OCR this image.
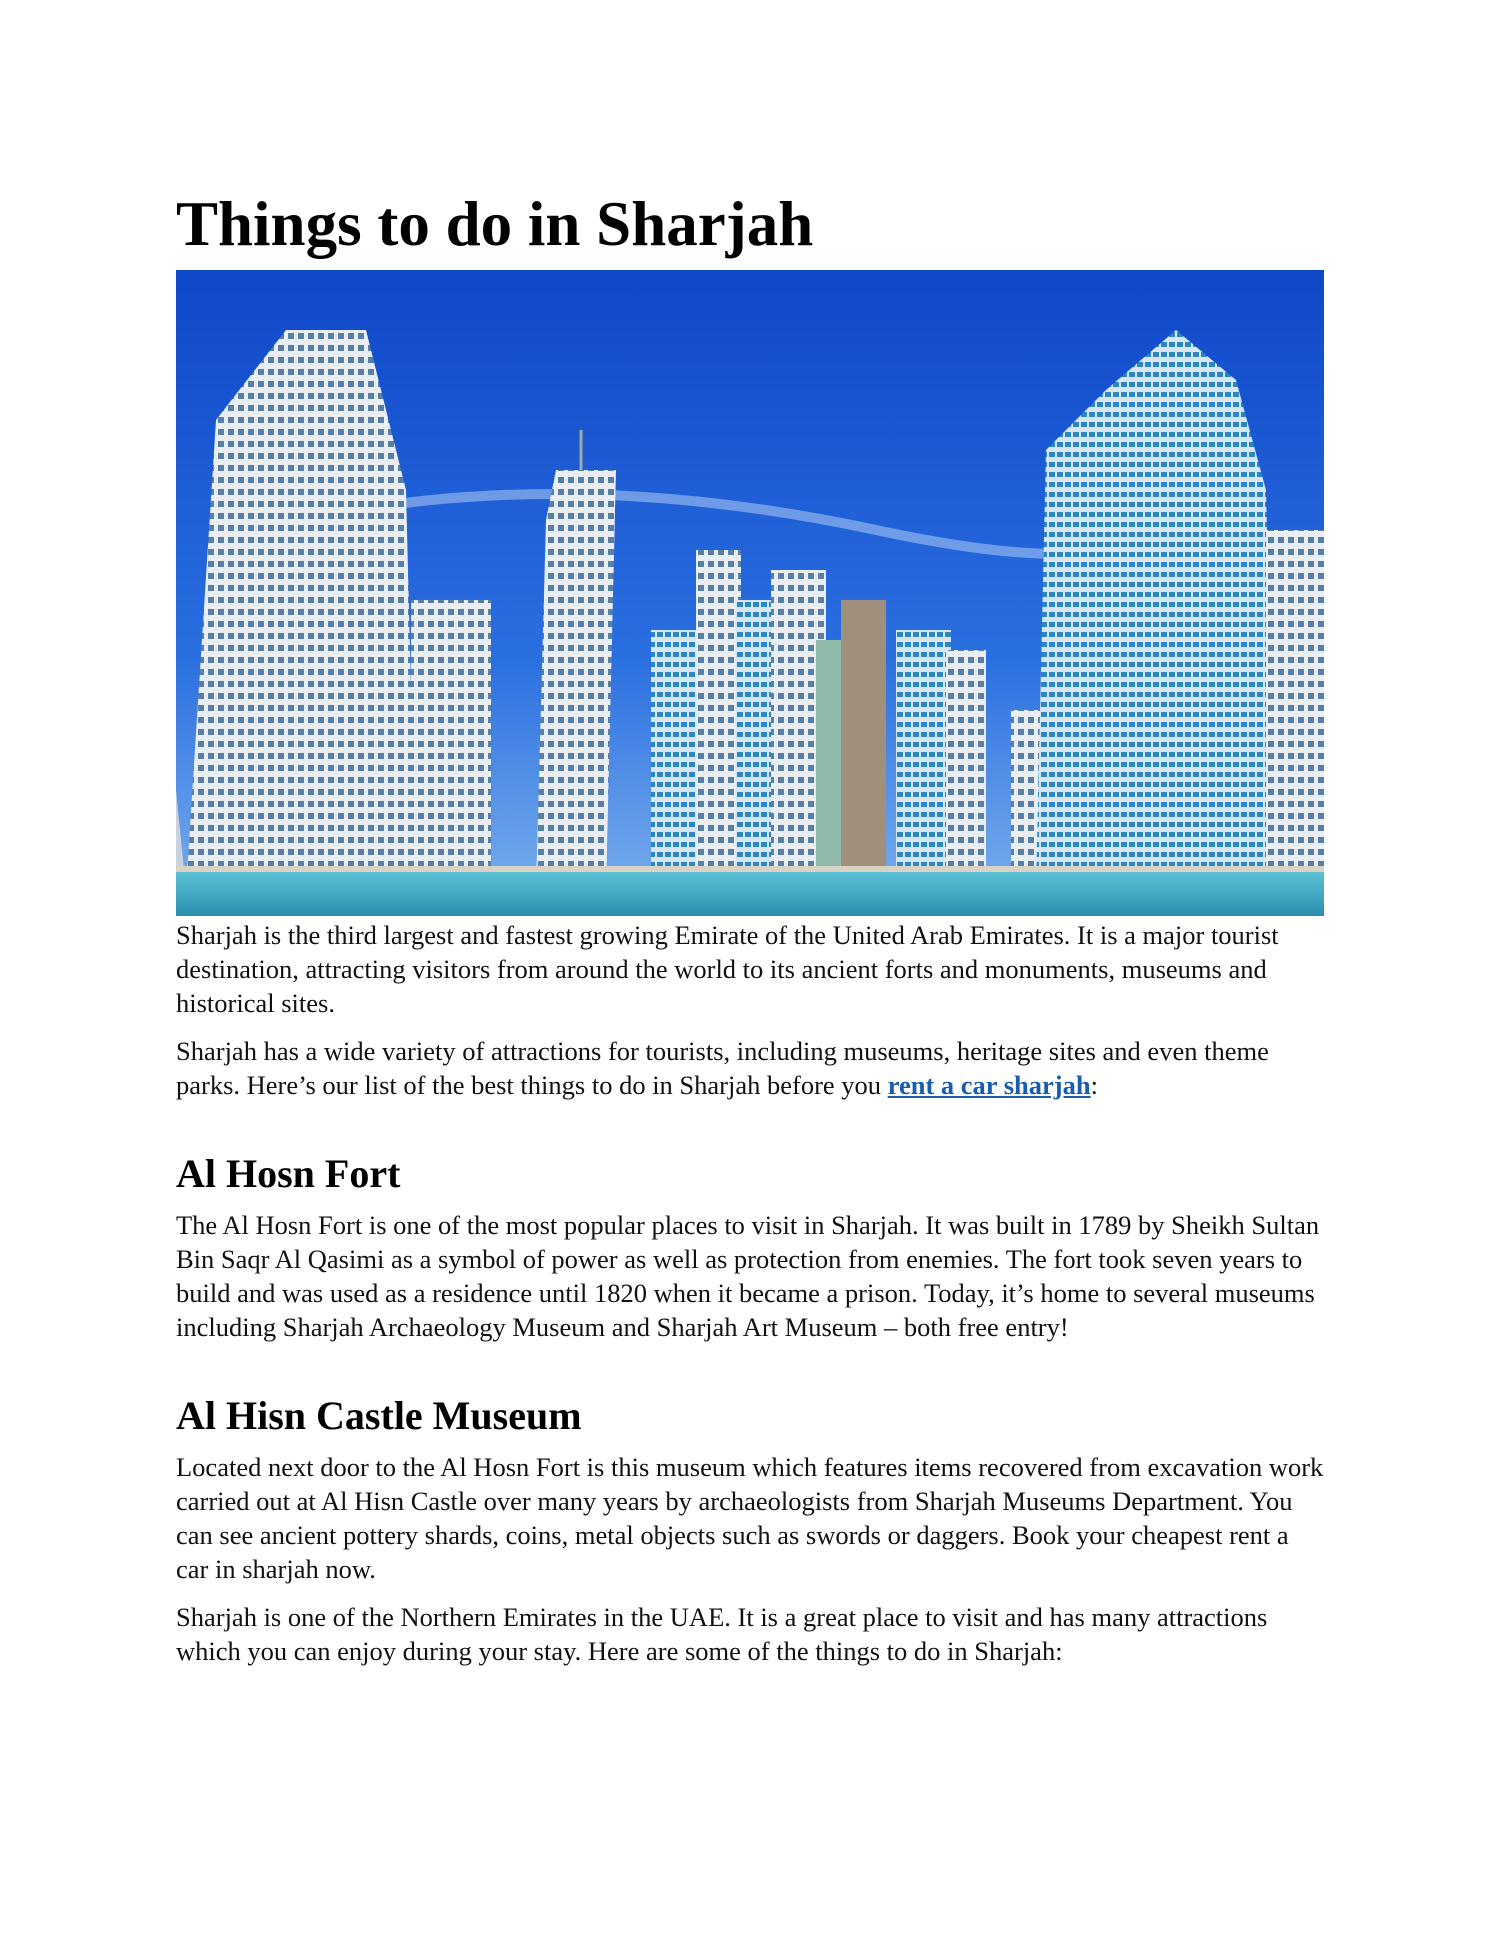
Things to do in Sharjah

Sharjah is the third largest and fastest growing Emirate of the United Arab Emirates. It is a major tourist destination, attracting visitors from around the world to its ancient forts and monuments, museums and historical sites.

Sharjah has a wide variety of attractions for tourists, including museums, heritage sites and even theme parks. Here’s our list of the best things to do in Sharjah before you rent a car sharjah:

Al Hosn Fort

The Al Hosn Fort is one of the most popular places to visit in Sharjah. It was built in 1789 by Sheikh Sultan Bin Saqr Al Qasimi as a symbol of power as well as protection from enemies. The fort took seven years to build and was used as a residence until 1820 when it became a prison. Today, it’s home to several museums including Sharjah Archaeology Museum and Sharjah Art Museum – both free entry!

Al Hisn Castle Museum

Located next door to the Al Hosn Fort is this museum which features items recovered from excavation work carried out at Al Hisn Castle over many years by archaeologists from Sharjah Museums Department. You can see ancient pottery shards, coins, metal objects such as swords or daggers. Book your cheapest rent a car in sharjah now.

Sharjah is one of the Northern Emirates in the UAE. It is a great place to visit and has many attractions which you can enjoy during your stay. Here are some of the things to do in Sharjah:
